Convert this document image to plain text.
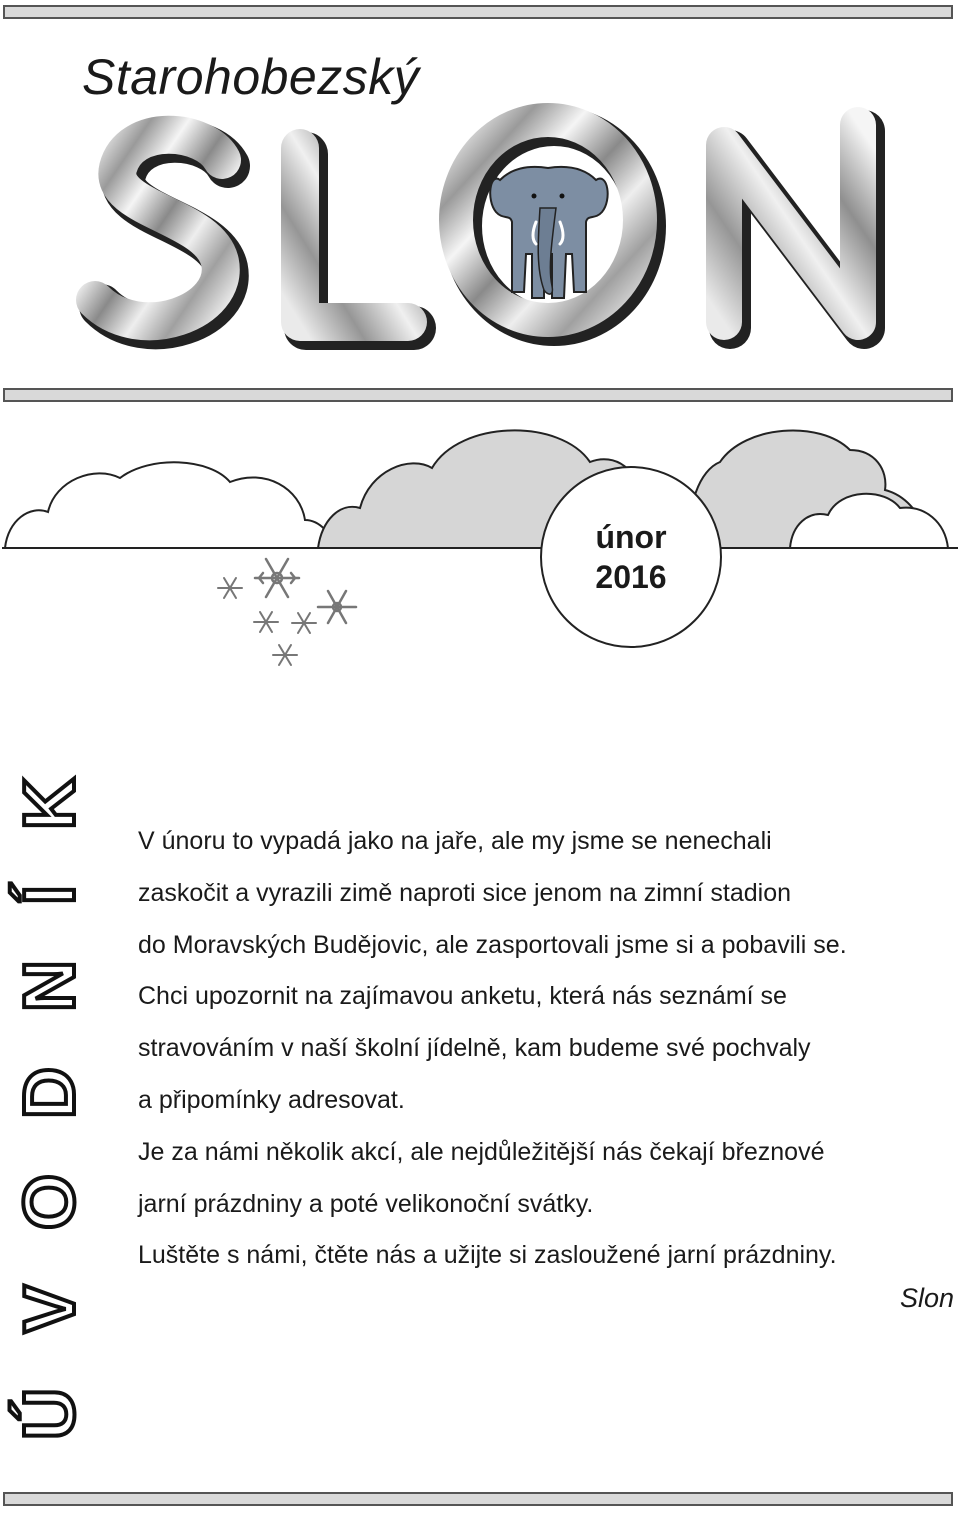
Starohobezský
únor
2016
ÚVODNÍK V únoru to vypadá jako na jaře, ale my jsme se nenechali

zaskočit a vyrazili zimě naproti sice jenom na zimní stadion

do Moravských Budějovic, ale zasportovali jsme si a pobavili se.

Chci upozornit na zajímavou anketu, která nás seznámí se

stravováním v naší školní jídelně, kam budeme své pochvaly

a připomínky adresovat.

Je za námi několik akcí, ale nejdůležitější nás čekají březnové

jarní prázdniny a poté velikonoční svátky.

Luštěte s námi, čtěte nás a užijte si zasloužené jarní prázdniny.

Slon
